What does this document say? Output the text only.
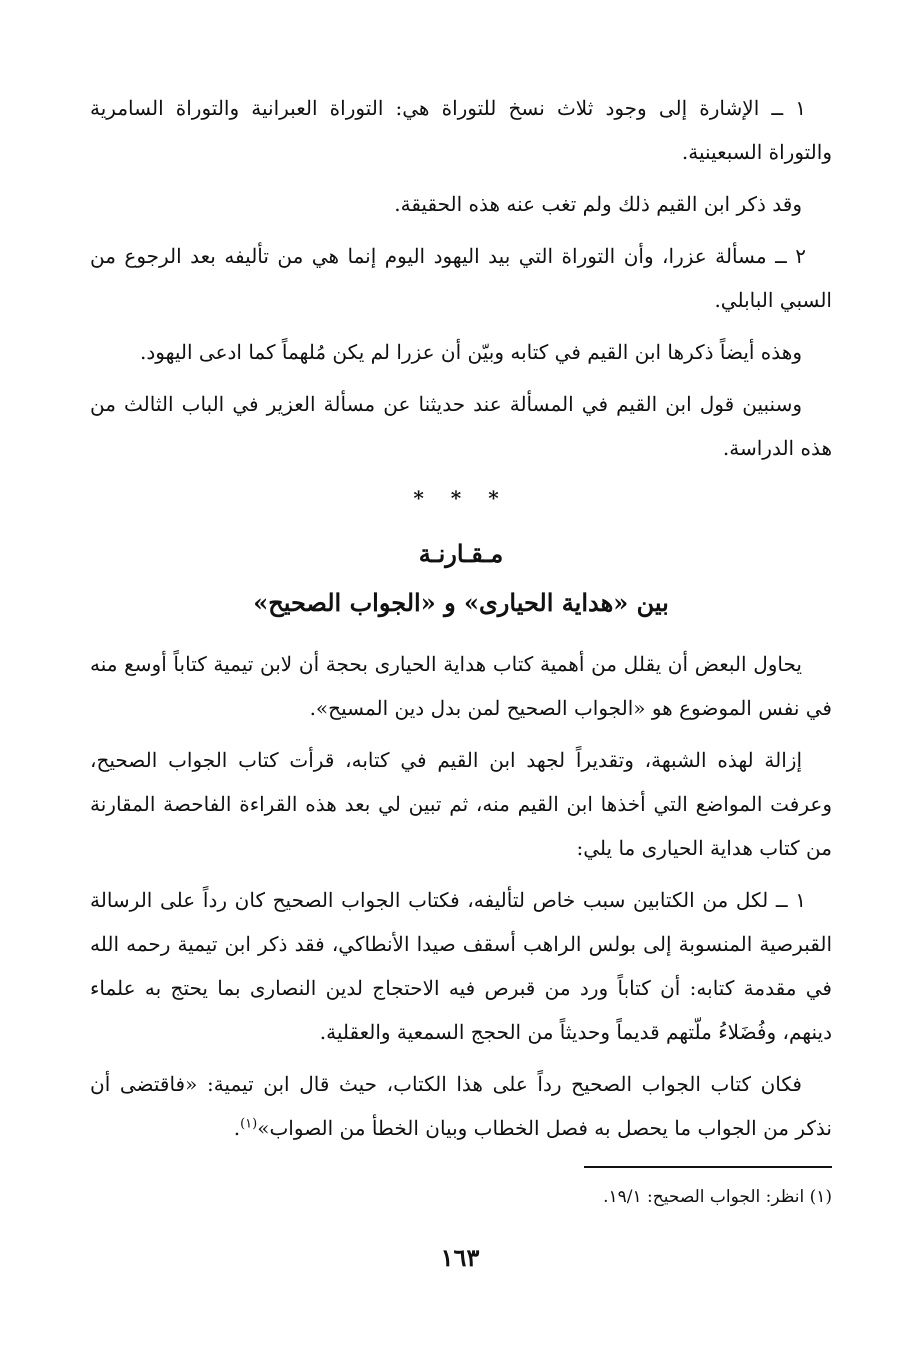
١ ــ الإشارة إلى وجود ثلاث نسخ للتوراة هي: التوراة العبرانية والتوراة السامرية والتوراة السبعينية.

وقد ذكر ابن القيم ذلك ولم تغب عنه هذه الحقيقة.

٢ ــ مسألة عزرا، وأن التوراة التي بيد اليهود اليوم إنما هي من تأليفه بعد الرجوع من السبي البابلي.

وهذه أيضاً ذكرها ابن القيم في كتابه وبيّن أن عزرا لم يكن مُلهماً كما ادعى اليهود.

وسنبين قول ابن القيم في المسألة عند حديثنا عن مسألة العزير في الباب الثالث من هذه الدراسة.

* * *
مـقـارنـة
بين «هداية الحيارى» و «الجواب الصحيح»

يحاول البعض أن يقلل من أهمية كتاب هداية الحيارى بحجة أن لابن تيمية كتاباً أوسع منه في نفس الموضوع هو «الجواب الصحيح لمن بدل دين المسيح».

إزالة لهذه الشبهة، وتقديراً لجهد ابن القيم في كتابه، قرأت كتاب الجواب الصحيح، وعرفت المواضع التي أخذها ابن القيم منه، ثم تبين لي بعد هذه القراءة الفاحصة المقارنة من كتاب هداية الحيارى ما يلي:

١ ــ لكل من الكتابين سبب خاص لتأليفه، فكتاب الجواب الصحيح كان رداً على الرسالة القبرصية المنسوبة إلى بولس الراهب أسقف صيدا الأنطاكي، فقد ذكر ابن تيمية رحمه الله في مقدمة كتابه: أن كتاباً ورد من قبرص فيه الاحتجاج لدين النصارى بما يحتج به علماء دينهم، وفُضَلاءُ ملّتهم قديماً وحديثاً من الحجج السمعية والعقلية.

فكان كتاب الجواب الصحيح رداً على هذا الكتاب، حيث قال ابن تيمية: «فاقتضى أن نذكر من الجواب ما يحصل به فصل الخطاب وبيان الخطأ من الصواب»$^{(١)}$.

(١) انظر: الجواب الصحيح: ١٩/١.
١٦٣
